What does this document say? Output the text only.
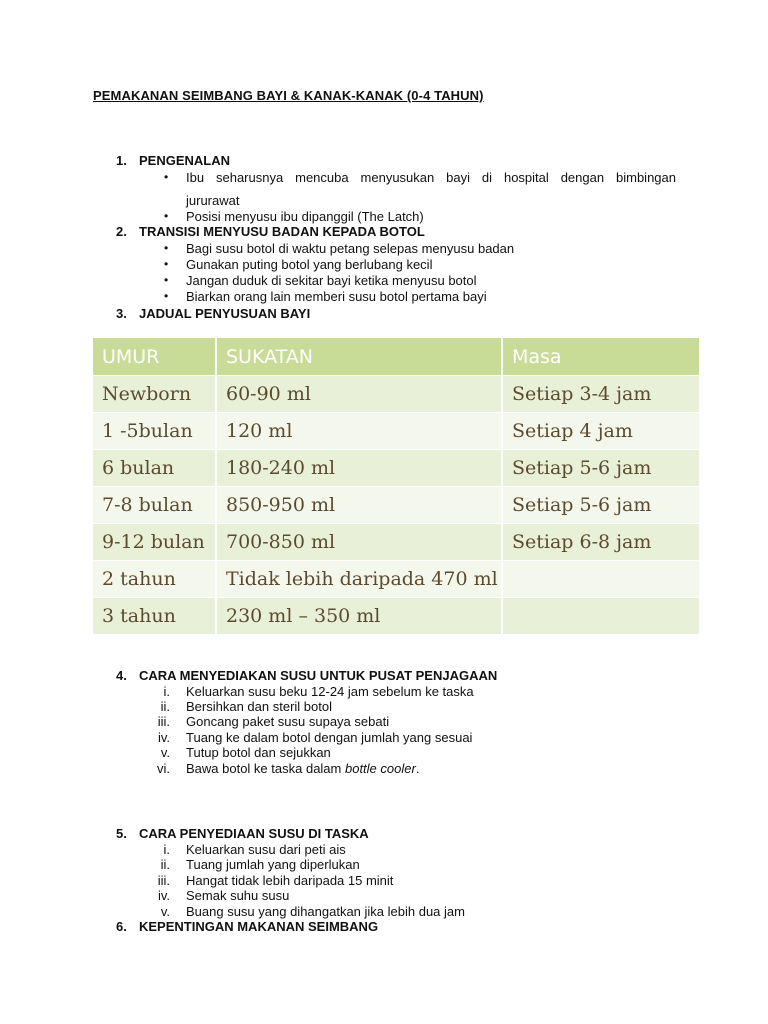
PEMAKANAN SEIMBANG BAYI & KANAK-KANAK (0-4 TAHUN)
1. PENGENALAN
• Ibu seharusnya mencuba menyusukan bayi di hospital dengan bimbingan
jururawat
• Posisi menyusu ibu dipanggil (The Latch)
2. TRANSISI MENYUSU BADAN KEPADA BOTOL
• Bagi susu botol di waktu petang selepas menyusu badan
• Gunakan puting botol yang berlubang kecil
• Jangan duduk di sekitar bayi ketika menyusu botol
• Biarkan orang lain memberi susu botol pertama bayi
3. JADUAL PENYUSUAN BAYI
UMUR	SUKATAN	Masa
Newborn	60-90 ml	Setiap 3-4 jam
1 -5bulan	120 ml	Setiap 4 jam
6 bulan	180-240 ml	Setiap 5-6 jam
7-8 bulan	850-950 ml	Setiap 5-6 jam
9-12 bulan	700-850 ml	Setiap 6-8 jam
2 tahun	Tidak lebih daripada 470 ml	
3 tahun	230 ml – 350 ml	
4. CARA MENYEDIAKAN SUSU UNTUK PUSAT PENJAGAAN
i. Keluarkan susu beku 12-24 jam sebelum ke taska
ii. Bersihkan dan steril botol
iii. Goncang paket susu supaya sebati
iv. Tuang ke dalam botol dengan jumlah yang sesuai
v. Tutup botol dan sejukkan
vi. Bawa botol ke taska dalam bottle cooler.
5. CARA PENYEDIAAN SUSU DI TASKA
i. Keluarkan susu dari peti ais
ii. Tuang jumlah yang diperlukan
iii. Hangat tidak lebih daripada 15 minit
iv. Semak suhu susu
v. Buang susu yang dihangatkan jika lebih dua jam
6. KEPENTINGAN MAKANAN SEIMBANG
